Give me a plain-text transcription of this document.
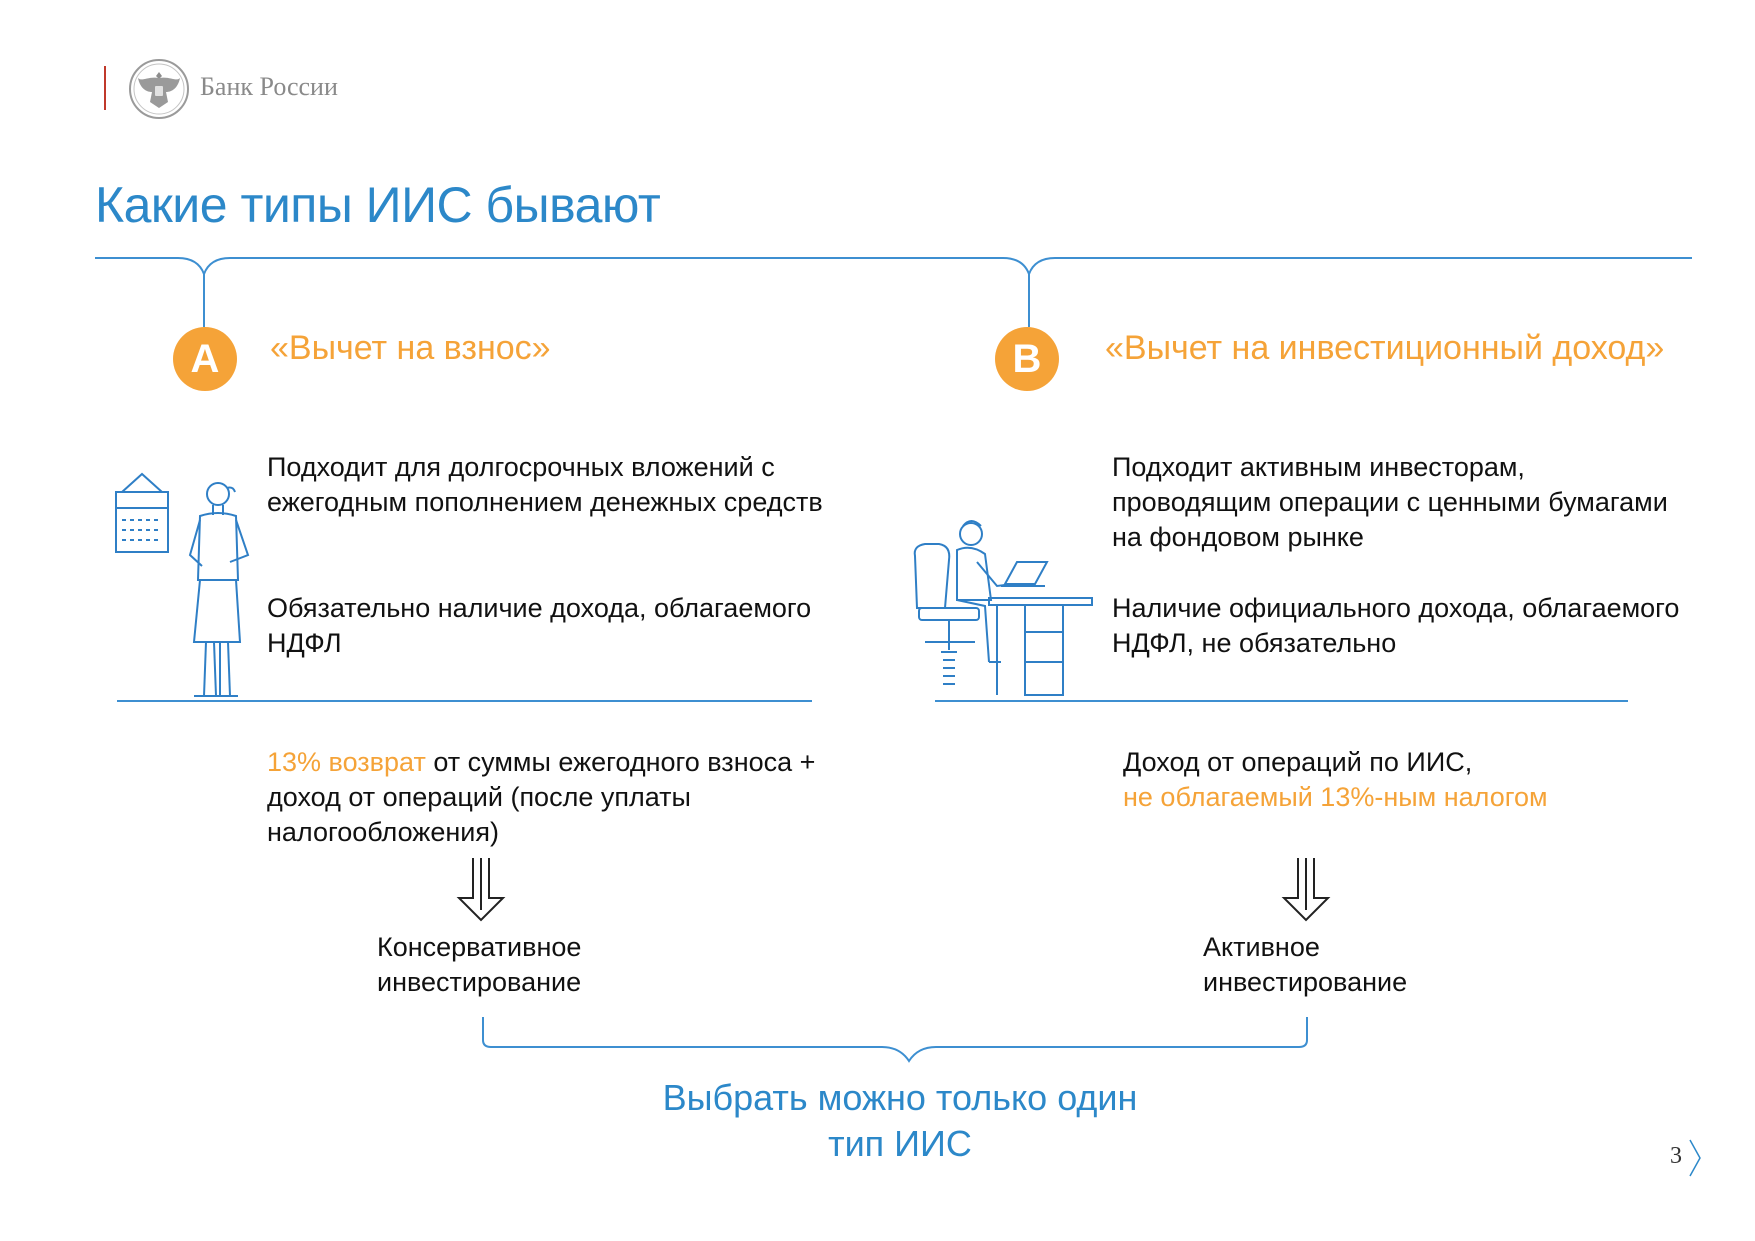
Банк России
Какие типы ИИС бывают
A	«Вычет на взнос»
Подходит для долгосрочных вложений с ежегодным пополнением денежных средств
Обязательно наличие дохода, облагаемого НДФЛ
13% возврат от суммы ежегодного взноса + доход от операций (после уплаты налогообложения)
Консервативное инвестирование
B	«Вычет на инвестиционный доход»
Подходит активным инвесторам, проводящим операции с ценными бумагами на фондовом рынке
Наличие официального дохода, облагаемого НДФЛ, не обязательно
Доход от операций по ИИС,
не облагаемый 13%-ным налогом
Активное инвестирование
Выбрать можно только один тип ИИС	3
